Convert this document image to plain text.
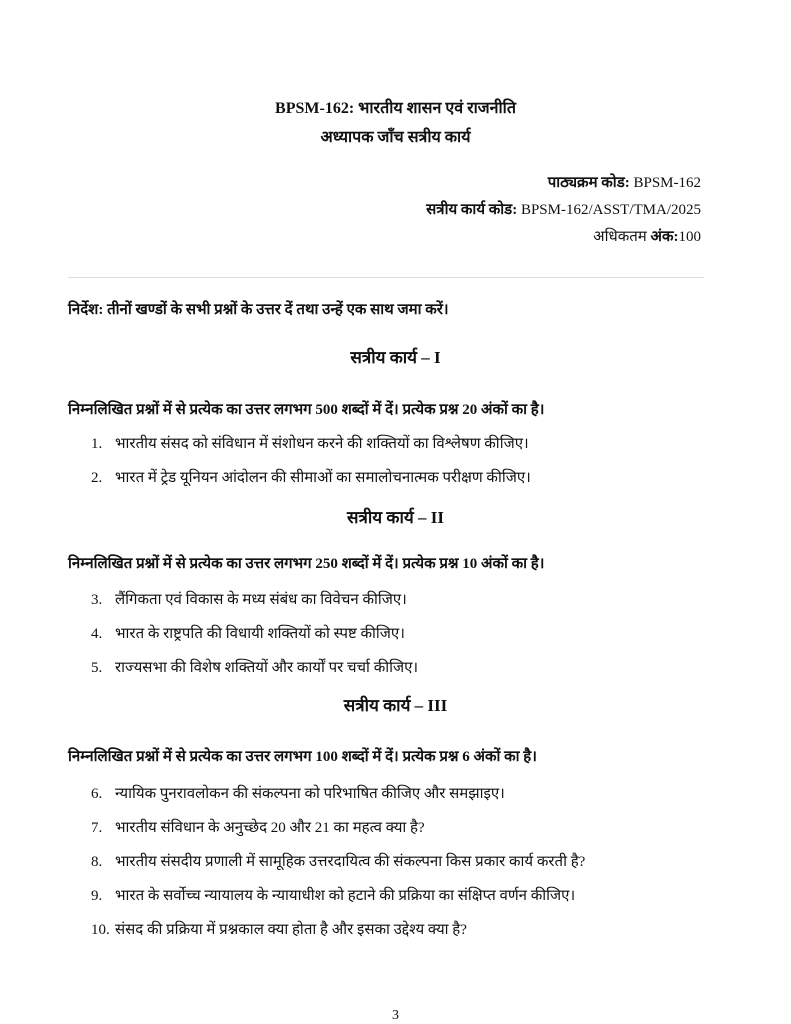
BPSM-162: भारतीय शासन एवं राजनीति
अध्यापक जाँच सत्रीय कार्य
पाठ्यक्रम कोड: BPSM-162
सत्रीय कार्य कोड: BPSM-162/ASST/TMA/2025
अधिकतम अंक:100
निर्देश: तीनों खण्डों के सभी प्रश्नों के उत्तर दें तथा उन्हें एक साथ जमा करें।
सत्रीय कार्य – I
निम्नलिखित प्रश्नों में से प्रत्येक का उत्तर लगभग 500 शब्दों में दें। प्रत्येक प्रश्न 20 अंकों का है।
1. भारतीय संसद को संविधान में संशोधन करने की शक्तियों का विश्लेषण कीजिए।
2. भारत में ट्रेड यूनियन आंदोलन की सीमाओं का समालोचनात्मक परीक्षण कीजिए।
सत्रीय कार्य – II
निम्नलिखित प्रश्नों में से प्रत्येक का उत्तर लगभग 250 शब्दों में दें। प्रत्येक प्रश्न 10 अंकों का है।
3. लैंगिकता एवं विकास के मध्य संबंध का विवेचन कीजिए।
4. भारत के राष्ट्रपति की विधायी शक्तियों को स्पष्ट कीजिए।
5. राज्यसभा की विशेष शक्तियों और कार्यों पर चर्चा कीजिए।
सत्रीय कार्य – III
निम्नलिखित प्रश्नों में से प्रत्येक का उत्तर लगभग 100 शब्दों में दें। प्रत्येक प्रश्न 6 अंकों का है।
6. न्यायिक पुनरावलोकन की संकल्पना को परिभाषित कीजिए और समझाइए।
7. भारतीय संविधान के अनुच्छेद 20 और 21 का महत्व क्या है?
8. भारतीय संसदीय प्रणाली में सामूहिक उत्तरदायित्व की संकल्पना किस प्रकार कार्य करती है?
9. भारत के सर्वोच्च न्यायालय के न्यायाधीश को हटाने की प्रक्रिया का संक्षिप्त वर्णन कीजिए।
10. संसद की प्रक्रिया में प्रश्नकाल क्या होता है और इसका उद्देश्य क्या है?
3
